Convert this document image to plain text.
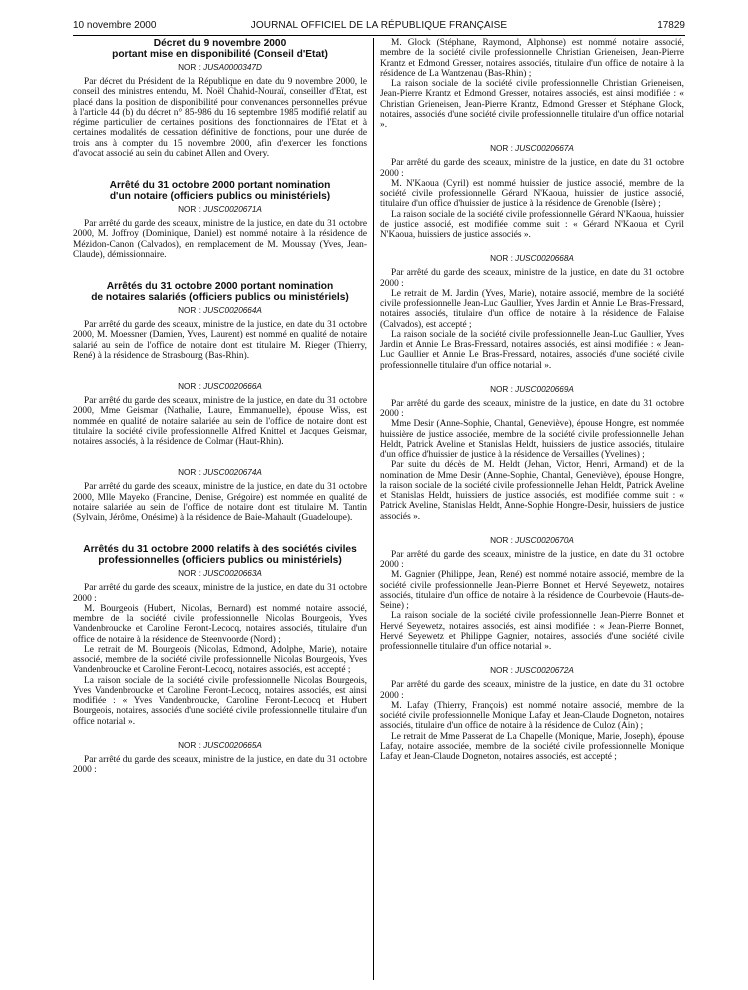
10 novembre 2000	JOURNAL OFFICIEL DE LA RÉPUBLIQUE FRANÇAISE	17829
Décret du 9 novembre 2000
portant mise en disponibilité (Conseil d'Etat)
NOR : JUSA0000347D

Par décret du Président de la République en date du 9 novembre 2000, le conseil des ministres entendu, M. Noël Chahid-Nouraï, conseiller d'Etat, est placé dans la position de disponibilité pour convenances personnelles prévue à l'article 44 (b) du décret n° 85-986 du 16 septembre 1985 modifié relatif au régime particulier de certaines positions des fonctionnaires de l'Etat et à certaines modalités de cessation définitive de fonctions, pour une durée de trois ans à compter du 15 novembre 2000, afin d'exercer les fonctions d'avocat associé au sein du cabinet Allen and Overy.

Arrêté du 31 octobre 2000 portant nomination
d'un notaire (officiers publics ou ministériels)
NOR : JUSC0020671A

Par arrêté du garde des sceaux, ministre de la justice, en date du 31 octobre 2000, M. Joffroy (Dominique, Daniel) est nommé notaire à la résidence de Mézidon-Canon (Calvados), en remplacement de M. Moussay (Yves, Jean-Claude), démissionnaire.

Arrêtés du 31 octobre 2000 portant nomination
de notaires salariés (officiers publics ou ministériels)
NOR : JUSC0020664A

Par arrêté du garde des sceaux, ministre de la justice, en date du 31 octobre 2000, M. Moessner (Damien, Yves, Laurent) est nommé en qualité de notaire salarié au sein de l'office de notaire dont est titulaire M. Rieger (Thierry, René) à la résidence de Strasbourg (Bas-Rhin).

NOR : JUSC0020666A

Par arrêté du garde des sceaux, ministre de la justice, en date du 31 octobre 2000, Mme Geismar (Nathalie, Laure, Emmanuelle), épouse Wiss, est nommée en qualité de notaire salariée au sein de l'office de notaire dont est titulaire la société civile professionnelle Alfred Knittel et Jacques Geismar, notaires associés, à la résidence de Colmar (Haut-Rhin).

NOR : JUSC0020674A

Par arrêté du garde des sceaux, ministre de la justice, en date du 31 octobre 2000, Mlle Mayeko (Francine, Denise, Grégoire) est nommée en qualité de notaire salariée au sein de l'office de notaire dont est titulaire M. Tantin (Sylvain, Jérôme, Onésime) à la résidence de Baie-Mahault (Guadeloupe).

Arrêtés du 31 octobre 2000 relatifs à des sociétés civiles
professionnelles (officiers publics ou ministériels)
NOR : JUSC0020663A

Par arrêté du garde des sceaux, ministre de la justice, en date du 31 octobre 2000 :

M. Bourgeois (Hubert, Nicolas, Bernard) est nommé notaire associé, membre de la société civile professionnelle Nicolas Bourgeois, Yves Vandenbroucke et Caroline Feront-Lecocq, notaires associés, titulaire d'un office de notaire à la résidence de Steenvoorde (Nord) ;

Le retrait de M. Bourgeois (Nicolas, Edmond, Adolphe, Marie), notaire associé, membre de la société civile professionnelle Nicolas Bourgeois, Yves Vandenbroucke et Caroline Feront-Lecocq, notaires associés, est accepté ;

La raison sociale de la société civile professionnelle Nicolas Bourgeois, Yves Vandenbroucke et Caroline Feront-Lecocq, notaires associés, est ainsi modifiée : « Yves Vandenbroucke, Caroline Feront-Lecocq et Hubert Bourgeois, notaires, associés d'une société civile professionnelle titulaire d'un office notarial ».

NOR : JUSC0020665A

Par arrêté du garde des sceaux, ministre de la justice, en date du 31 octobre 2000 :

M. Glock (Stéphane, Raymond, Alphonse) est nommé notaire associé, membre de la société civile professionnelle Christian Grieneisen, Jean-Pierre Krantz et Edmond Gresser, notaires associés, titulaire d'un office de notaire à la résidence de La Wantzenau (Bas-Rhin) ;

La raison sociale de la société civile professionnelle Christian Grieneisen, Jean-Pierre Krantz et Edmond Gresser, notaires associés, est ainsi modifiée : « Christian Grieneisen, Jean-Pierre Krantz, Edmond Gresser et Stéphane Glock, notaires, associés d'une société civile professionnelle titulaire d'un office notarial ».

NOR : JUSC0020667A

Par arrêté du garde des sceaux, ministre de la justice, en date du 31 octobre 2000 :

M. N'Kaoua (Cyril) est nommé huissier de justice associé, membre de la société civile professionnelle Gérard N'Kaoua, huissier de justice associé, titulaire d'un office d'huissier de justice à la résidence de Grenoble (Isère) ;

La raison sociale de la société civile professionnelle Gérard N'Kaoua, huissier de justice associé, est modifiée comme suit : « Gérard N'Kaoua et Cyril N'Kaoua, huissiers de justice associés ».

NOR : JUSC0020668A

Par arrêté du garde des sceaux, ministre de la justice, en date du 31 octobre 2000 :

Le retrait de M. Jardin (Yves, Marie), notaire associé, membre de la société civile professionnelle Jean-Luc Gaullier, Yves Jardin et Annie Le Bras-Fressard, notaires associés, titulaire d'un office de notaire à la résidence de Falaise (Calvados), est accepté ;

La raison sociale de la société civile professionnelle Jean-Luc Gaullier, Yves Jardin et Annie Le Bras-Fressard, notaires associés, est ainsi modifiée : « Jean-Luc Gaullier et Annie Le Bras-Fressard, notaires, associés d'une société civile professionnelle titulaire d'un office notarial ».

NOR : JUSC0020669A

Par arrêté du garde des sceaux, ministre de la justice, en date du 31 octobre 2000 :

Mme Desir (Anne-Sophie, Chantal, Geneviève), épouse Hongre, est nommée huissière de justice associée, membre de la société civile professionnelle Jehan Heldt, Patrick Aveline et Stanislas Heldt, huissiers de justice associés, titulaire d'un office d'huissier de justice à la résidence de Versailles (Yvelines) ;

Par suite du décès de M. Heldt (Jehan, Victor, Henri, Armand) et de la nomination de Mme Desir (Anne-Sophie, Chantal, Geneviève), épouse Hongre, la raison sociale de la société civile professionnelle Jehan Heldt, Patrick Aveline et Stanislas Heldt, huissiers de justice associés, est modifiée comme suit : « Patrick Aveline, Stanislas Heldt, Anne-Sophie Hongre-Desir, huissiers de justice associés ».

NOR : JUSC0020670A

Par arrêté du garde des sceaux, ministre de la justice, en date du 31 octobre 2000 :

M. Gagnier (Philippe, Jean, René) est nommé notaire associé, membre de la société civile professionnelle Jean-Pierre Bonnet et Hervé Seyewetz, notaires associés, titulaire d'un office de notaire à la résidence de Courbevoie (Hauts-de-Seine) ;

La raison sociale de la société civile professionnelle Jean-Pierre Bonnet et Hervé Seyewetz, notaires associés, est ainsi modifiée : « Jean-Pierre Bonnet, Hervé Seyewetz et Philippe Gagnier, notaires, associés d'une société civile professionnelle titulaire d'un office notarial ».

NOR : JUSC0020672A

Par arrêté du garde des sceaux, ministre de la justice, en date du 31 octobre 2000 :

M. Lafay (Thierry, François) est nommé notaire associé, membre de la société civile professionnelle Monique Lafay et Jean-Claude Dogneton, notaires associés, titulaire d'un office de notaire à la résidence de Culoz (Ain) ;

Le retrait de Mme Passerat de La Chapelle (Monique, Marie, Joseph), épouse Lafay, notaire associée, membre de la société civile professionnelle Monique Lafay et Jean-Claude Dogneton, notaires associés, est accepté ;
